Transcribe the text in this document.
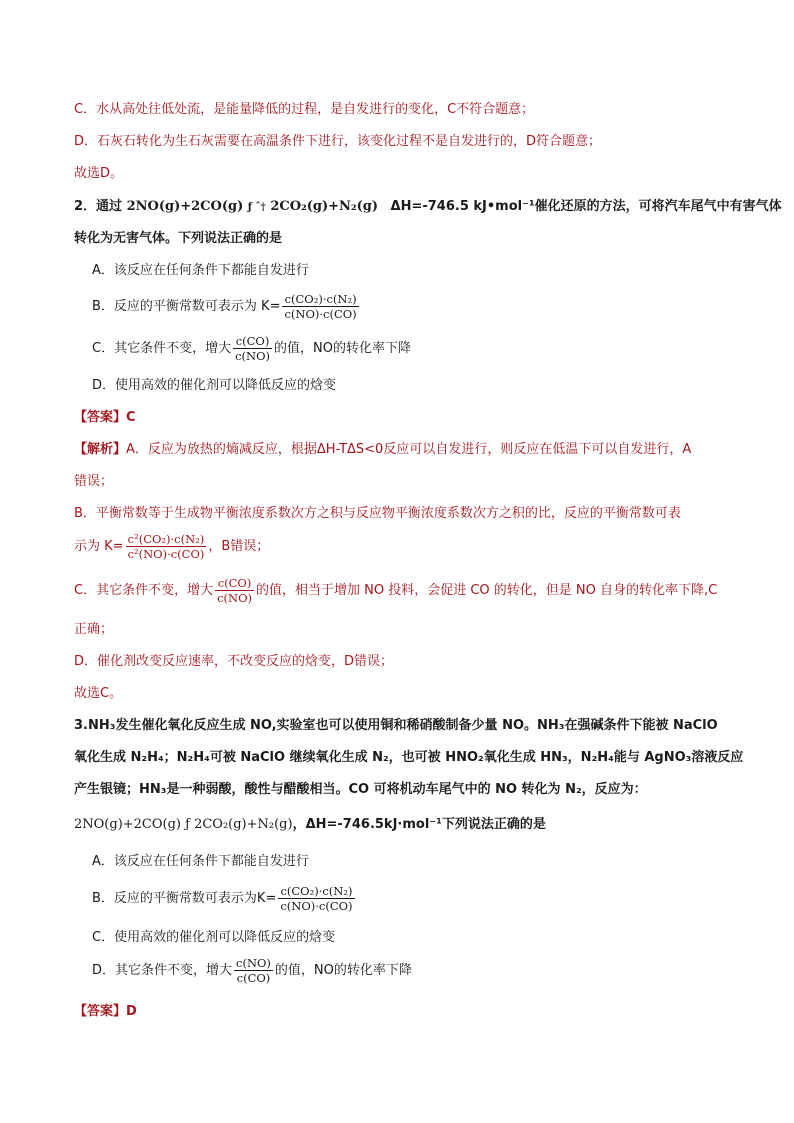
C．水从高处往低处流，是能量降低的过程，是自发进行的变化，C不符合题意；
D．石灰石转化为生石灰需要在高温条件下进行，该变化过程不是自发进行的，D符合题意；
故选D。
2．通过 2NO(g)+2CO(g) ƒ ˆ† 2CO₂(g)+N₂(g) ΔH=-746.5 kJ•mol⁻¹催化还原的方法，可将汽车尾气中有害气体
转化为无害气体。下列说法正确的是
A．该反应在任何条件下都能自发进行
B．反应的平衡常数可表示为 $K= \frac{\text{c(CO₂)·c(N₂)}}{c(NO)\cdot c(CO)}$
C．其它条件不变，增大 $\frac{c(CO)}{c(NO)}$ 的值，NO的转化率下降
D．使用高效的催化剂可以降低反应的焓变
【答案】C
【解析】A．反应为放热的熵减反应，根据ΔH-TΔS<0反应可以自发进行，则反应在低温下可以自发进行，A
错误；
B．平衡常数等于生成物平衡浓度系数次方之积与反应物平衡浓度系数次方之积的比，反应的平衡常数可表
示为 $K= \frac{\text{c²(CO₂)·c(N₂)}}{\text{c²(NO)·c(CO)}}$ ，B错误；
C．其它条件不变，增大 $\frac{c(CO)}{c(NO)}$ 的值，相当于增加 NO 投料，会促进 CO 的转化，但是 NO 自身的转化率下降,C
正确；
D．催化剂改变反应速率，不改变反应的焓变，D错误；
故选C。
3.NH₃发生催化氧化反应生成 NO,实验室也可以使用铜和稀硝酸制备少量 NO。NH₃在强碱条件下能被 NaClO
氧化生成 N₂H₄；N₂H₄可被 NaClO 继续氧化生成 N₂，也可被 HNO₂氧化生成 HN₃，N₂H₄能与 AgNO₃溶液反应
产生银镜；HN₃是一种弱酸，酸性与醋酸相当。CO 可将机动车尾气中的 NO 转化为 N₂，反应为：
2NO(g)+2CO(g) ƒ 2CO₂(g)+N₂(g)，ΔH=-746.5kJ·mol⁻¹下列说法正确的是
A．该反应在任何条件下都能自发进行
B．反应的平衡常数可表示为$K= \frac{\text{c(CO₂)·c(N₂)}}{c(NO)\cdot c(CO)}$
C．使用高效的催化剂可以降低反应的焓变
D．其它条件不变，增大 $\frac{c(NO)}{c(CO)}$ 的值，NO的转化率下降
【答案】D
